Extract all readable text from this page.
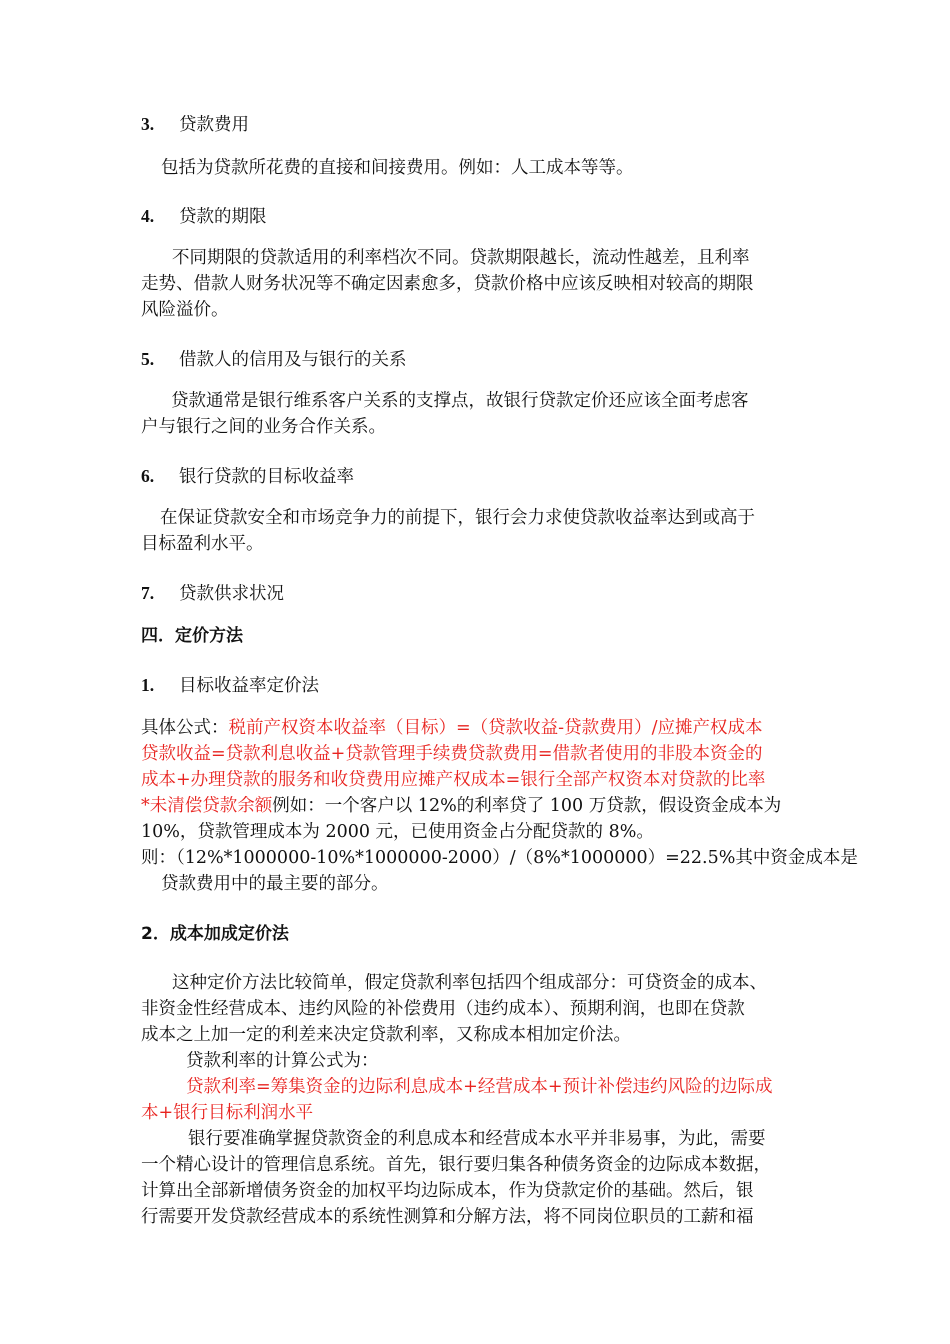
3. 贷款费用
包括为贷款所花费的直接和间接费用。例如：人工成本等等。
4. 贷款的期限
不同期限的贷款适用的利率档次不同。贷款期限越长，流动性越差，且利率
走势、借款人财务状况等不确定因素愈多，贷款价格中应该反映相对较高的期限
风险溢价。
5. 借款人的信用及与银行的关系
贷款通常是银行维系客户关系的支撑点，故银行贷款定价还应该全面考虑客
户与银行之间的业务合作关系。
6. 银行贷款的目标收益率
在保证贷款安全和市场竞争力的前提下，银行会力求使贷款收益率达到或高于
目标盈利水平。
7. 贷款供求状况
四．定价方法
1. 目标收益率定价法
具体公式：税前产权资本收益率（目标）=（贷款收益-贷款费用）/应摊产权成本
贷款收益=贷款利息收益+贷款管理手续费贷款费用=借款者使用的非股本资金的
成本+办理贷款的服务和收贷费用应摊产权成本=银行全部产权资本对贷款的比率
*未清偿贷款余额例如：一个客户以 12%的利率贷了 100 万贷款，假设资金成本为
10%，贷款管理成本为 2000 元，已使用资金占分配贷款的 8%。
则：（12%*1000000-10%*1000000-2000）/（8%*1000000）=22.5%其中资金成本是
贷款费用中的最主要的部分。
2．成本加成定价法
这种定价方法比较简单，假定贷款利率包括四个组成部分：可贷资金的成本、
非资金性经营成本、违约风险的补偿费用（违约成本）、预期利润，也即在贷款
成本之上加一定的利差来决定贷款利率，又称成本相加定价法。
贷款利率的计算公式为：
贷款利率=筹集资金的边际利息成本+经营成本+预计补偿违约风险的边际成
本+银行目标利润水平
银行要准确掌握贷款资金的利息成本和经营成本水平并非易事，为此，需要
一个精心设计的管理信息系统。首先，银行要归集各种债务资金的边际成本数据，
计算出全部新增债务资金的加权平均边际成本，作为贷款定价的基础。然后，银
行需要开发贷款经营成本的系统性测算和分解方法，将不同岗位职员的工薪和福
